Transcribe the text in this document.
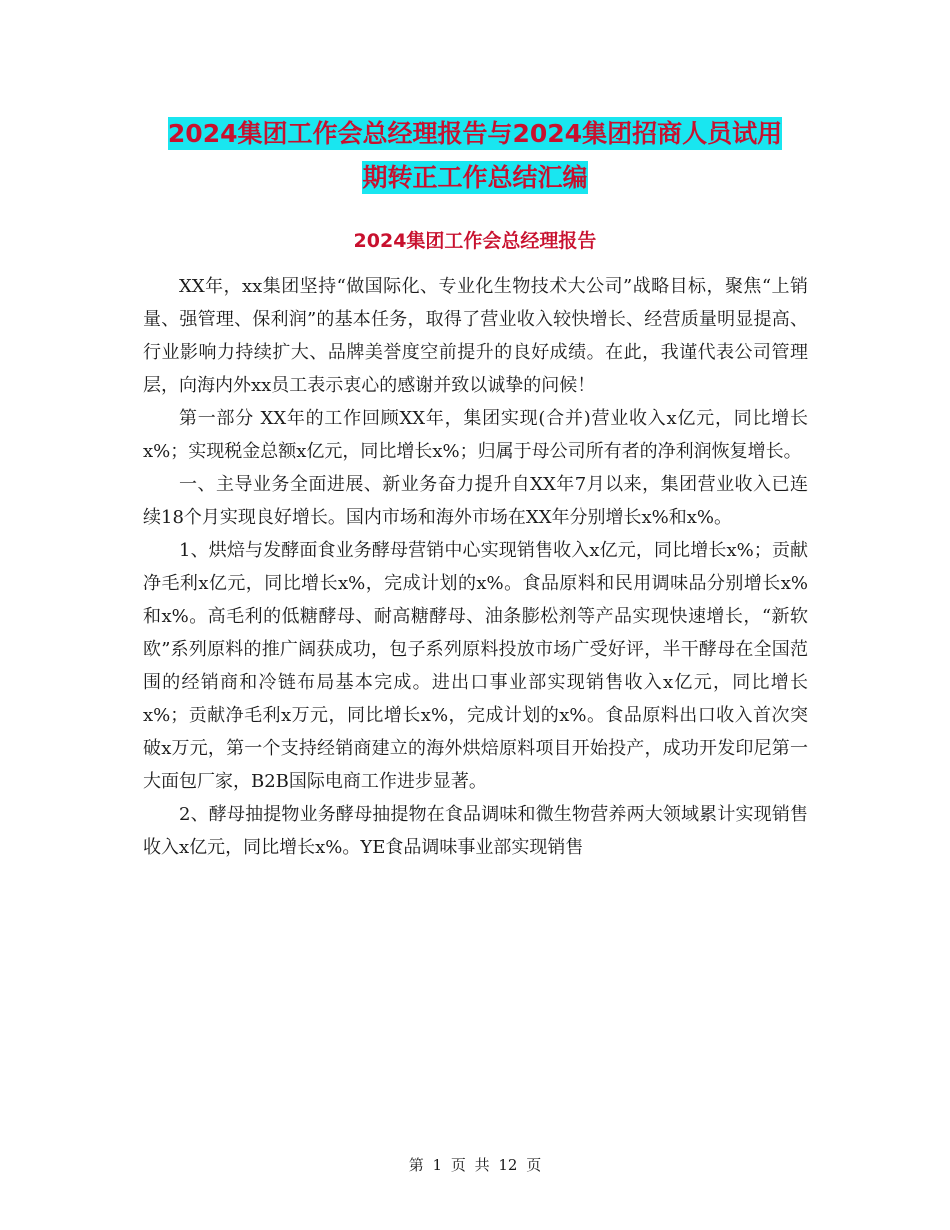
2024集团工作会总经理报告与2024集团招商人员试用
期转正工作总结汇编
2024集团工作会总经理报告

XX年，xx集团坚持“做国际化、专业化生物技术大公司”战略目标，聚焦“上销量、强管理、保利润”的基本任务，取得了营业收入较快增长、经营质量明显提高、行业影响力持续扩大、品牌美誉度空前提升的良好成绩。在此，我谨代表公司管理层，向海内外xx员工表示衷心的感谢并致以诚挚的问候！

第一部分 XX年的工作回顾XX年，集团实现(合并)营业收入x亿元，同比增长x%；实现税金总额x亿元，同比增长x%；归属于母公司所有者的净利润恢复增长。

一、主导业务全面进展、新业务奋力提升自XX年7月以来，集团营业收入已连续18个月实现良好增长。国内市场和海外市场在XX年分别增长x%和x%。

1、烘焙与发酵面食业务酵母营销中心实现销售收入x亿元，同比增长x%；贡献净毛利x亿元，同比增长x%，完成计划的x%。食品原料和民用调味品分别增长x%和x%。高毛利的低糖酵母、耐高糖酵母、油条膨松剂等产品实现快速增长，“新软欧”系列原料的推广阔获成功，包子系列原料投放市场广受好评，半干酵母在全国范围的经销商和冷链布局基本完成。进出口事业部实现销售收入x亿元，同比增长x%；贡献净毛利x万元，同比增长x%，完成计划的x%。食品原料出口收入首次突破x万元，第一个支持经销商建立的海外烘焙原料项目开始投产，成功开发印尼第一大面包厂家，B2B国际电商工作进步显著。

2、酵母抽提物业务酵母抽提物在食品调味和微生物营养两大领域累计实现销售收入x亿元，同比增长x%。YE食品调味事业部实现销售

第 1 页 共 12 页
